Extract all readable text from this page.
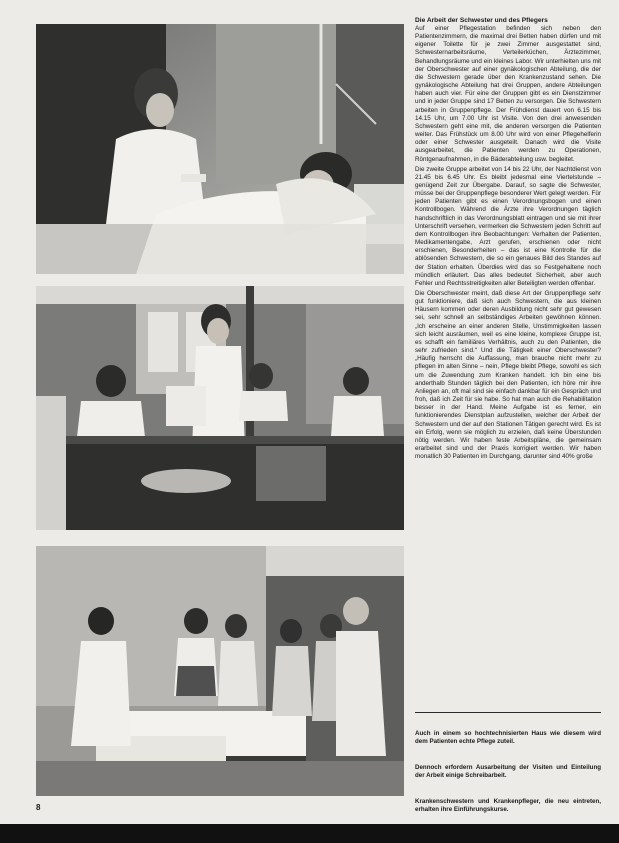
Die Arbeit der Schwester und des Pflegers

Auf einer Pflegestation befinden sich neben den Patientenzimmern, die maximal drei Betten haben dürfen und mit eigener Toilette für je zwei Zimmer ausgestattet sind, Schwesternarbeitsräume, Verteilerküchen, Ärztezimmer, Behandlungsräume und ein kleines Labor. Wir unterhielten uns mit der Oberschwester auf einer gynäkologischen Abteilung, die der die Schwestern gerade über den Krankenzustand sehen. Die gynäkologische Abteilung hat drei Gruppen, andere Abteilungen haben auch vier. Für eine der Gruppen gibt es ein Dienstzimmer und in jeder Gruppe sind 17 Betten zu versorgen. Die Schwestern arbeiten in Gruppenpflege. Der Frühdienst dauert von 6.15 bis 14.15 Uhr, um 7.00 Uhr ist Visite. Von den drei anwesenden Schwestern geht eine mit, die anderen versorgen die Patienten weiter. Das Frühstück um 8.00 Uhr wird von einer Pflegehelferin oder einer Schwester ausgeteilt. Danach wird die Visite ausgearbeitet, die Patienten werden zu Operationen, Röntgenaufnahmen, in die Bäderabteilung usw. begleitet.

Die zweite Gruppe arbeitet von 14 bis 22 Uhr, der Nachtdienst von 21.45 bis 6.45 Uhr. Es bleibt jedesmal eine Viertelstunde – genügend Zeit zur Übergabe. Darauf, so sagte die Schwester, müsse bei der Gruppenpflege besonderer Wert gelegt werden. Für jeden Patienten gibt es einen Verordnungsbogen und einen Kontrollbogen. Während die Ärzte ihre Verordnungen täglich handschriftlich in das Verordnungsblatt eintragen und sie mit ihrer Unterschrift versehen, vermerken die Schwestern jeden Schritt auf dem Kontrollbogen ihre Beobachtungen: Verhalten der Patienten, Medikamentengabe, Arzt gerufen, erschienen oder nicht erschienen, Besonderheiten – das ist eine Kontrolle für die ablösenden Schwestern, die so ein genaues Bild des Standes auf der Station erhalten. Überdies wird das so Festgehaltene noch mündlich erläutert. Das alles bedeutet Sicherheit, aber auch Fehler und Rechtsstreitigkeiten aller Beteiligten werden offenbar.

Die Oberschwester meint, daß diese Art der Gruppenpflege sehr gut funktioniere, daß sich auch Schwestern, die aus kleinen Häusern kommen oder deren Ausbildung nicht sehr gut gewesen sei, sehr schnell an selbständiges Arbeiten gewöhnen können. „Ich erscheine an einer anderen Stelle, Unstimmigkeiten lassen sich leicht ausräumen, weil es eine kleine, komplexe Gruppe ist, es schafft ein familiäres Verhältnis, auch zu den Patienten, die sehr zufrieden sind.“ Und die Tätigkeit einer Oberschwester? „Häufig herrscht die Auffassung, man brauche nicht mehr zu pflegen im alten Sinne – nein, Pflege bleibt Pflege, sowohl es sich um die Zuwendung zum Kranken handelt. Ich bin eine bis anderthalb Stunden täglich bei den Patienten, ich höre mir ihre Anliegen an, oft mal sind sie einfach dankbar für ein Gespräch und froh, daß ich Zeit für sie habe. So hat man auch die Rehabilitation besser in der Hand. Meine Aufgabe ist es ferner, ein funktionierendes Dienstplan aufzustellen, welcher der Arbeit der Schwestern und der auf den Stationen Tätigen gerecht wird. Es ist ein Erfolg, wenn sie möglich zu erzielen, daß keine Überstunden nötig werden. Wir haben feste Arbeitspläne, die gemeinsam erarbeitet sind und der Praxis korrigiert werden. Wir haben monatlich 30 Patienten im Durchgang, darunter sind 40% große

Auch in einem so hochtechnisierten Haus wie diesem wird dem Patienten echte Pflege zuteil.
Dennoch erfordern Ausarbeitung der Visiten und Einteilung der Arbeit einige Schreibarbeit.
Krankenschwestern und Krankenpfleger, die neu eintreten, erhalten ihre Einführungskurse.
8
